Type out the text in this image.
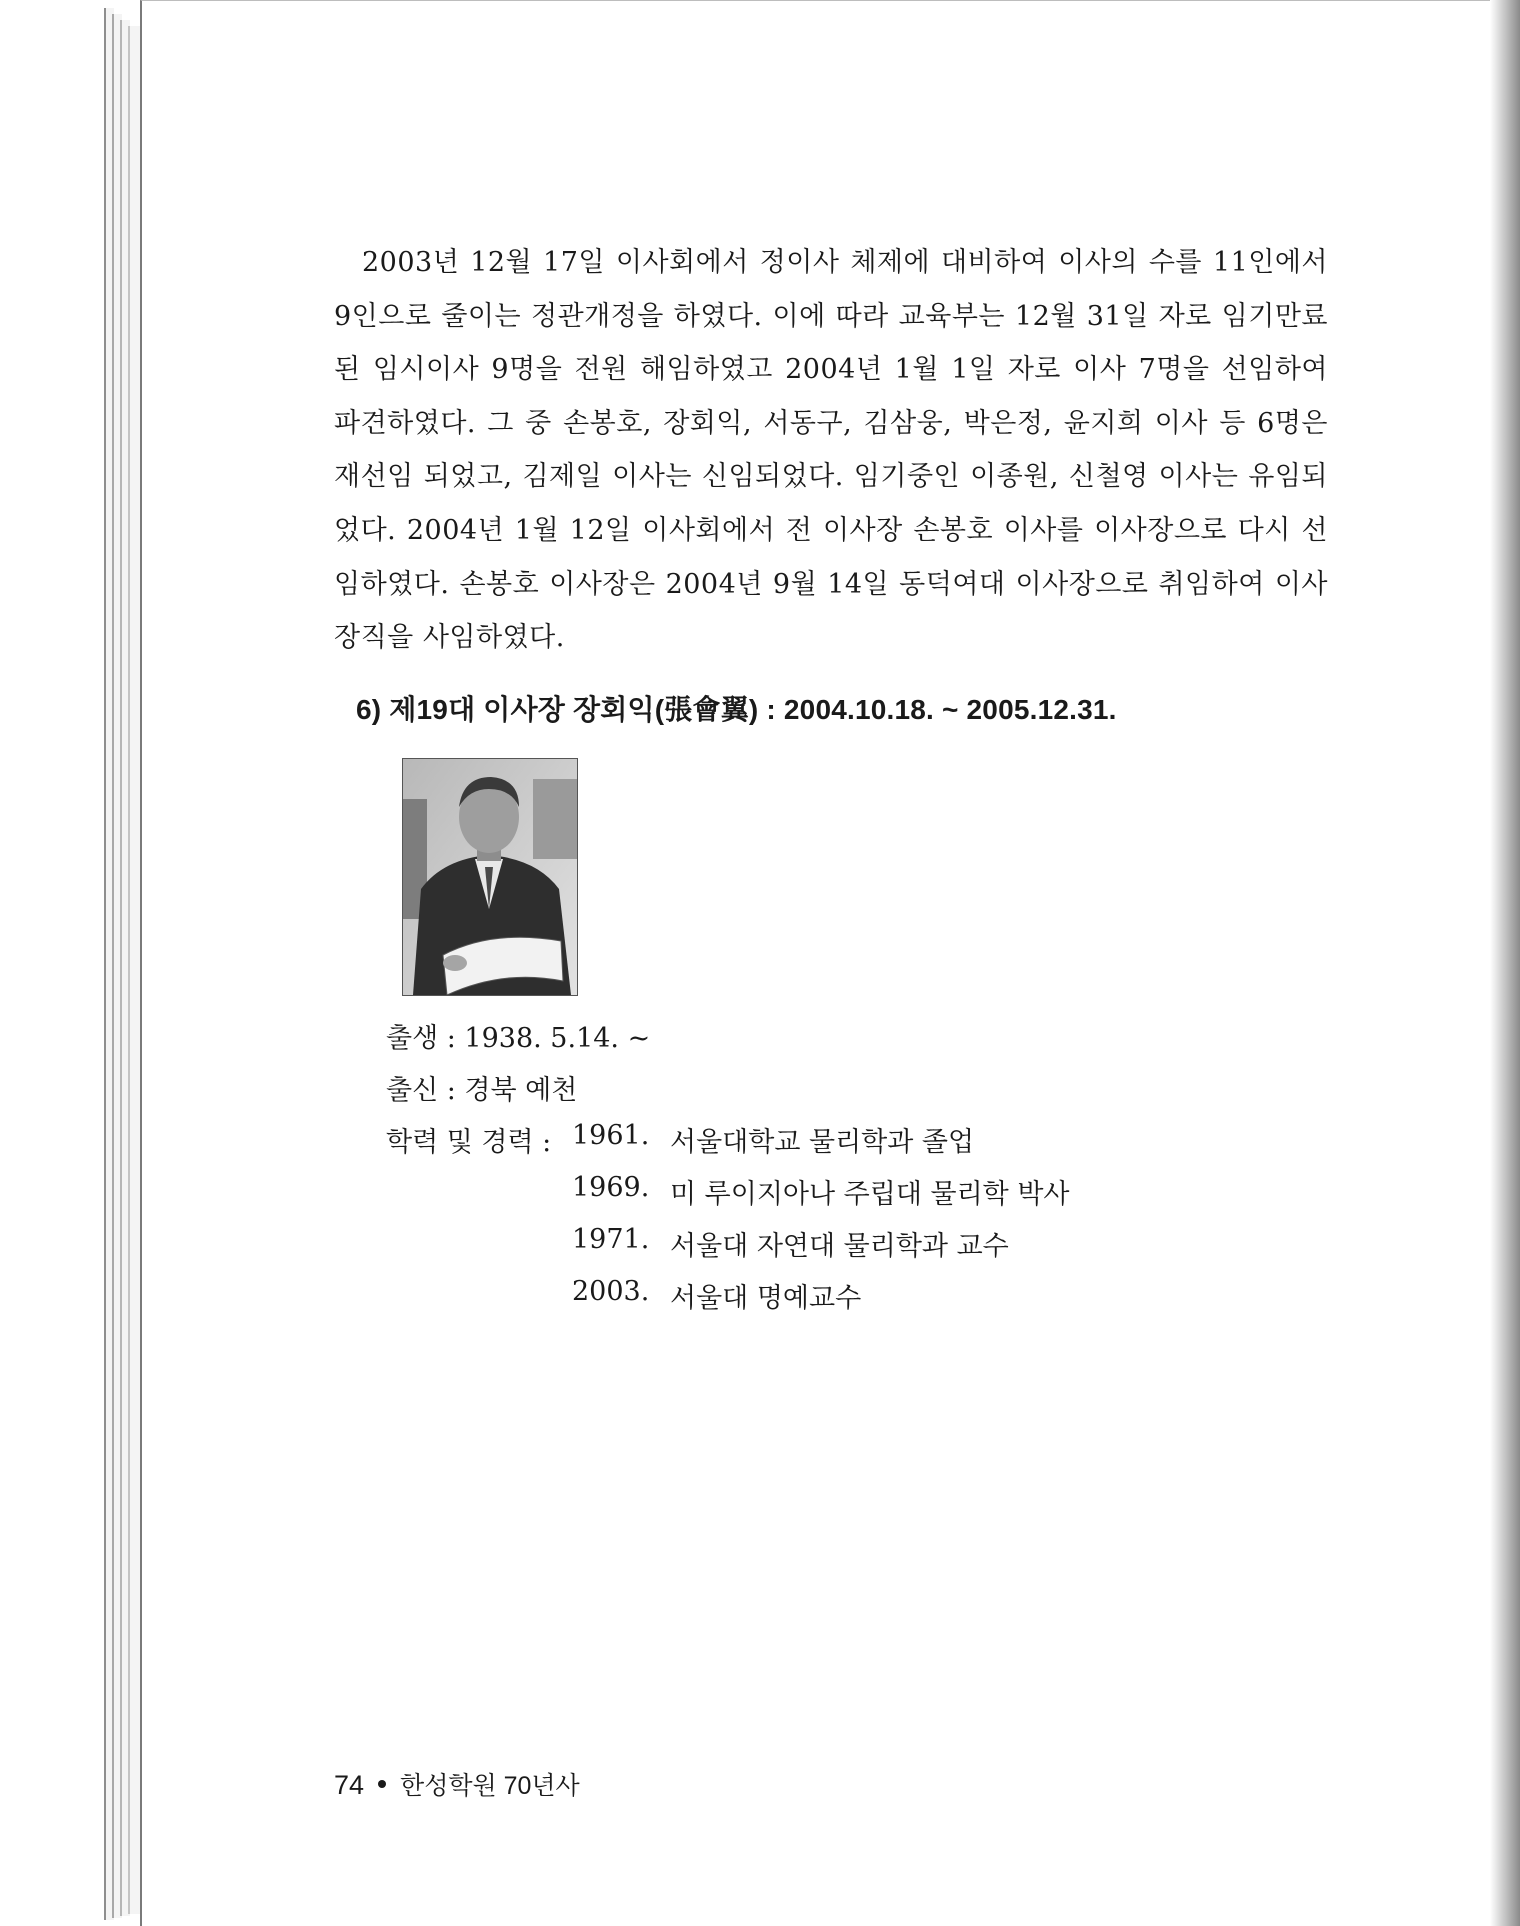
2003년 12월 17일 이사회에서 정이사 체제에 대비하여 이사의 수를 11인에서 9인으로 줄이는 정관개정을 하였다. 이에 따라 교육부는 12월 31일 자로 임기만료 된 임시이사 9명을 전원 해임하였고 2004년 1월 1일 자로 이사 7명을 선임하여 파견하였다. 그 중 손봉호, 장회익, 서동구, 김삼웅, 박은정, 윤지희 이사 등 6명은 재선임 되었고, 김제일 이사는 신임되었다. 임기중인 이종원, 신철영 이사는 유임되었다. 2004년 1월 12일 이사회에서 전 이사장 손봉호 이사를 이사장으로 다시 선임하였다. 손봉호 이사장은 2004년 9월 14일 동덕여대 이사장으로 취임하여 이사장직을 사임하였다.

6) 제19대 이사장 장회익(張會翼) : 2004.10.18. ~ 2005.12.31.
출생 : 1938. 5.14. ~
출신 : 경북 예천
학력 및 경력 : 1961. 서울대학교 물리학과 졸업
1969. 미 루이지아나 주립대 물리학 박사
1971. 서울대 자연대 물리학과 교수
2003. 서울대 명예교수
74 한성학원 70년사
